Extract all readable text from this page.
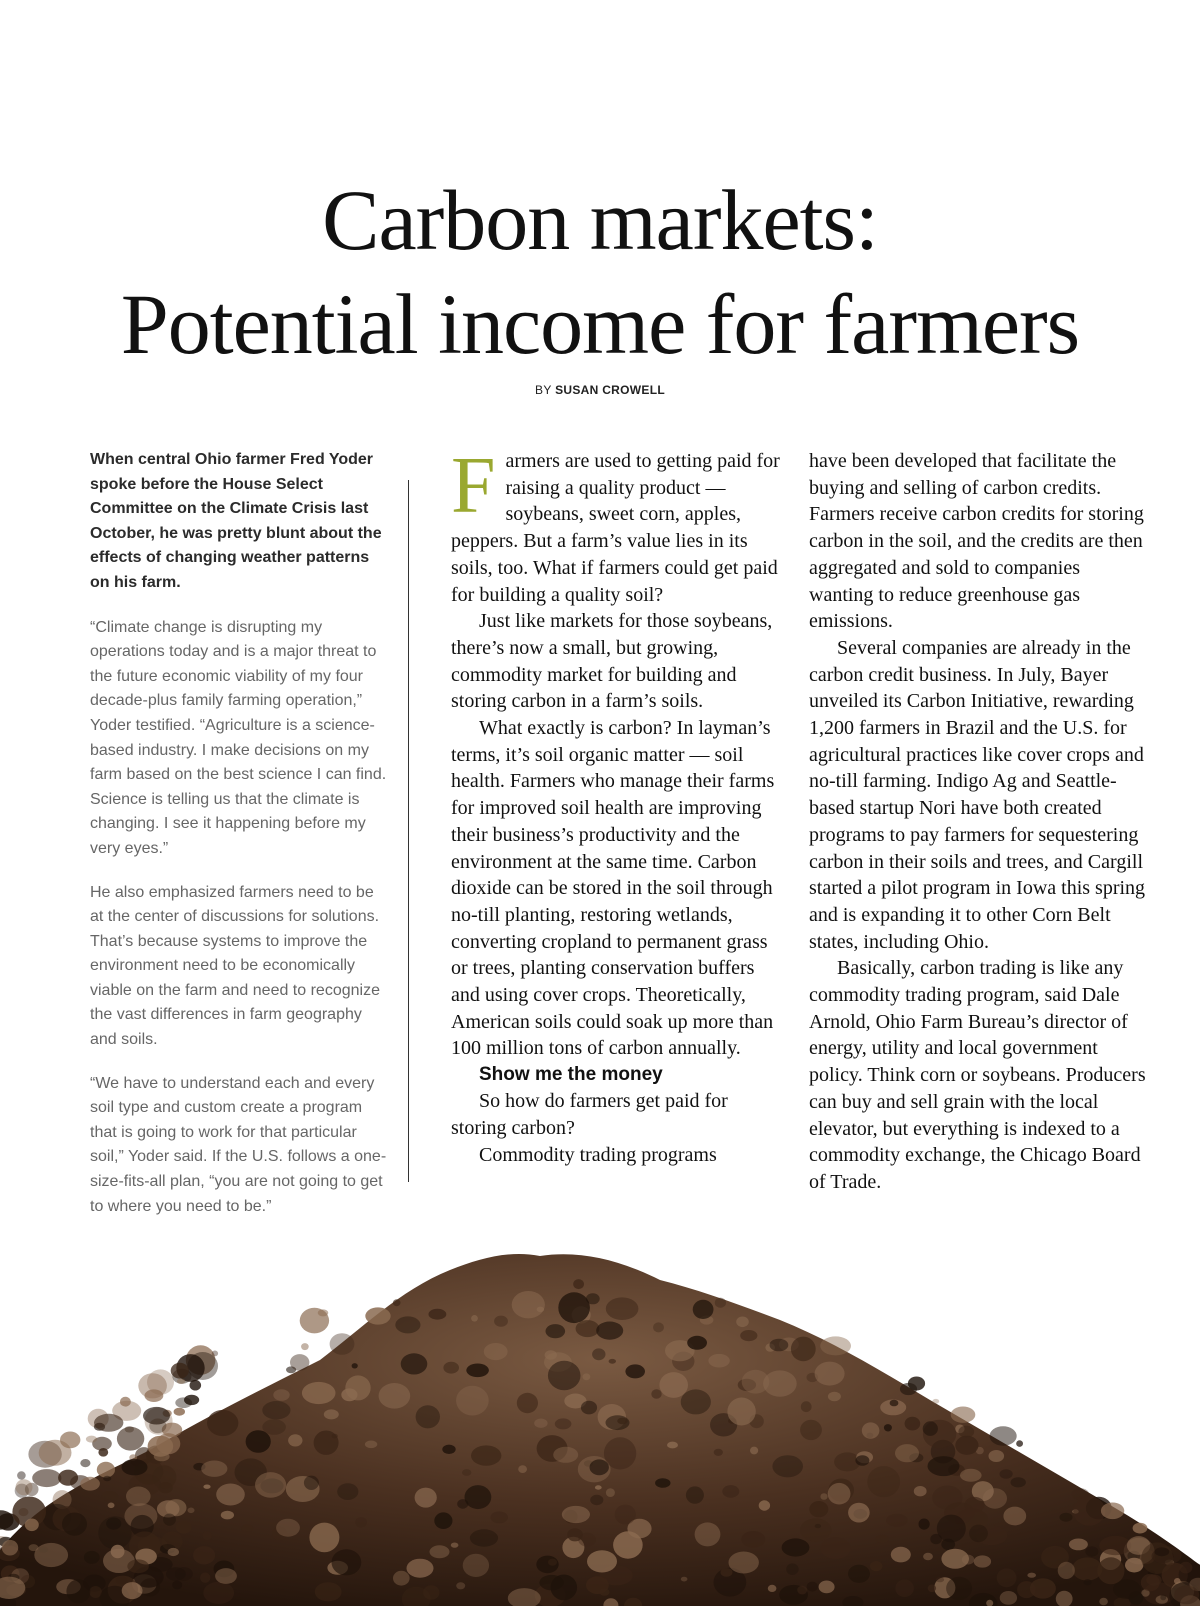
Carbon markets:
Potential income for farmers
BY SUSAN CROWELL

When central Ohio farmer Fred Yoder spoke before the House Select Committee on the Climate Crisis last October, he was pretty blunt about the effects of changing weather patterns on his farm.

“Climate change is disrupting my operations today and is a major threat to the future economic viability of my four decade-plus family farming operation,” Yoder testified. “Agriculture is a science-based industry. I make decisions on my farm based on the best science I can find. Science is telling us that the climate is changing. I see it happening before my very eyes.”

He also emphasized farmers need to be at the center of discussions for solutions. That’s because systems to improve the environment need to be economically viable on the farm and need to recognize the vast differences in farm geography and soils.

“We have to understand each and every soil type and custom create a program that is going to work for that particular soil,” Yoder said. If the U.S. follows a one-size-fits-all plan, “you are not going to get to where you need to be.”

Farmers are used to getting paid for raising a quality product — soybeans, sweet corn, apples, peppers. But a farm’s value lies in its soils, too. What if farmers could get paid for building a quality soil?

Just like markets for those soybeans, there’s now a small, but growing, commodity market for building and storing carbon in a farm’s soils.

What exactly is carbon? In layman’s terms, it’s soil organic matter — soil health. Farmers who manage their farms for improved soil health are improving their business’s productivity and the environment at the same time. Carbon dioxide can be stored in the soil through no-till planting, restoring wetlands, converting cropland to permanent grass or trees, planting conservation buffers and using cover crops. Theoretically, American soils could soak up more than 100 million tons of carbon annually.

Show me the money

So how do farmers get paid for storing carbon?

Commodity trading programs

have been developed that facilitate the buying and selling of carbon credits. Farmers receive carbon credits for storing carbon in the soil, and the credits are then aggregated and sold to companies wanting to reduce greenhouse gas emissions.

Several companies are already in the carbon credit business. In July, Bayer unveiled its Carbon Initiative, rewarding 1,200 farmers in Brazil and the U.S. for agricultural practices like cover crops and no-till farming. Indigo Ag and Seattle-based startup Nori have both created programs to pay farmers for sequestering carbon in their soils and trees, and Cargill started a pilot program in Iowa this spring and is expanding it to other Corn Belt states, including Ohio.

Basically, carbon trading is like any commodity trading program, said Dale Arnold, Ohio Farm Bureau’s director of energy, utility and local government policy. Think corn or soybeans. Producers can buy and sell grain with the local elevator, but everything is indexed to a commodity exchange, the Chicago Board of Trade.
